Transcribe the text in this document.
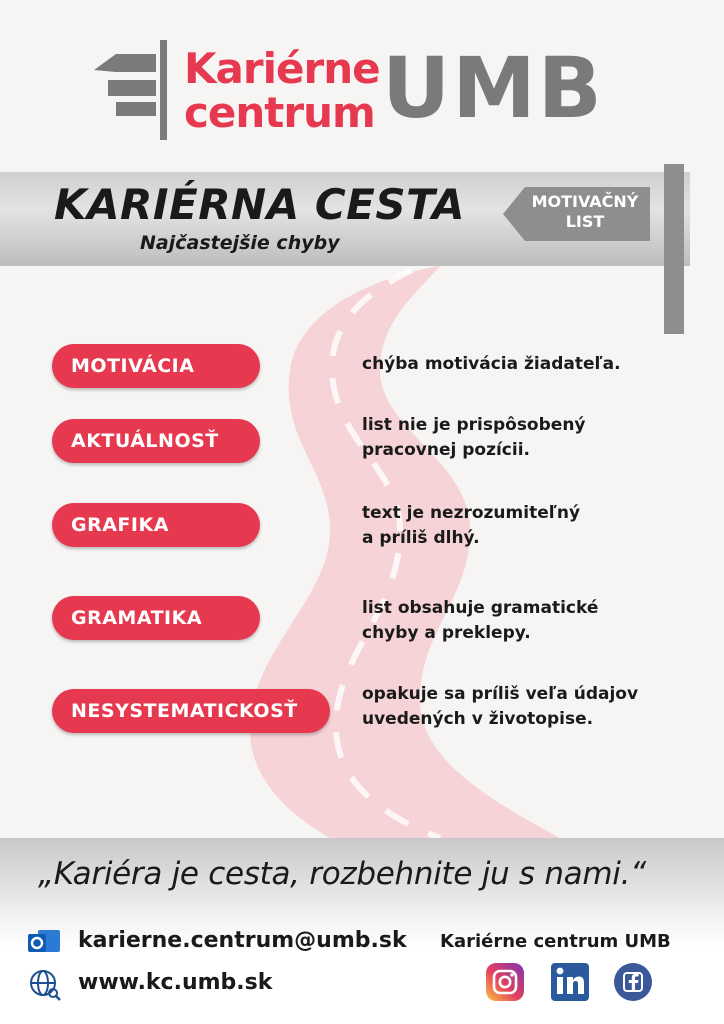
Kariérne
centrum UMB
MOTIVAČNÝ
LIST
KARIÉRNA CESTA
Najčastejšie chyby
MOTIVÁCIA	chýba motivácia žiadateľa.
AKTUÁLNOSŤ
list nie je prispôsobený
pracovnej pozícii.
GRAFIKA
text je nezrozumiteľný
a príliš dlhý.
GRAMATIKA	list obsahuje gramatické
chyby a preklepy.
NESYSTEMATICKOSŤ
opakuje sa príliš veľa údajov
uvedených v životopise.
„Kariéra je cesta, rozbehnite ju s nami.“
karierne.centrum@umb.sk
www.kc.umb.sk
Kariérne centrum UMB
